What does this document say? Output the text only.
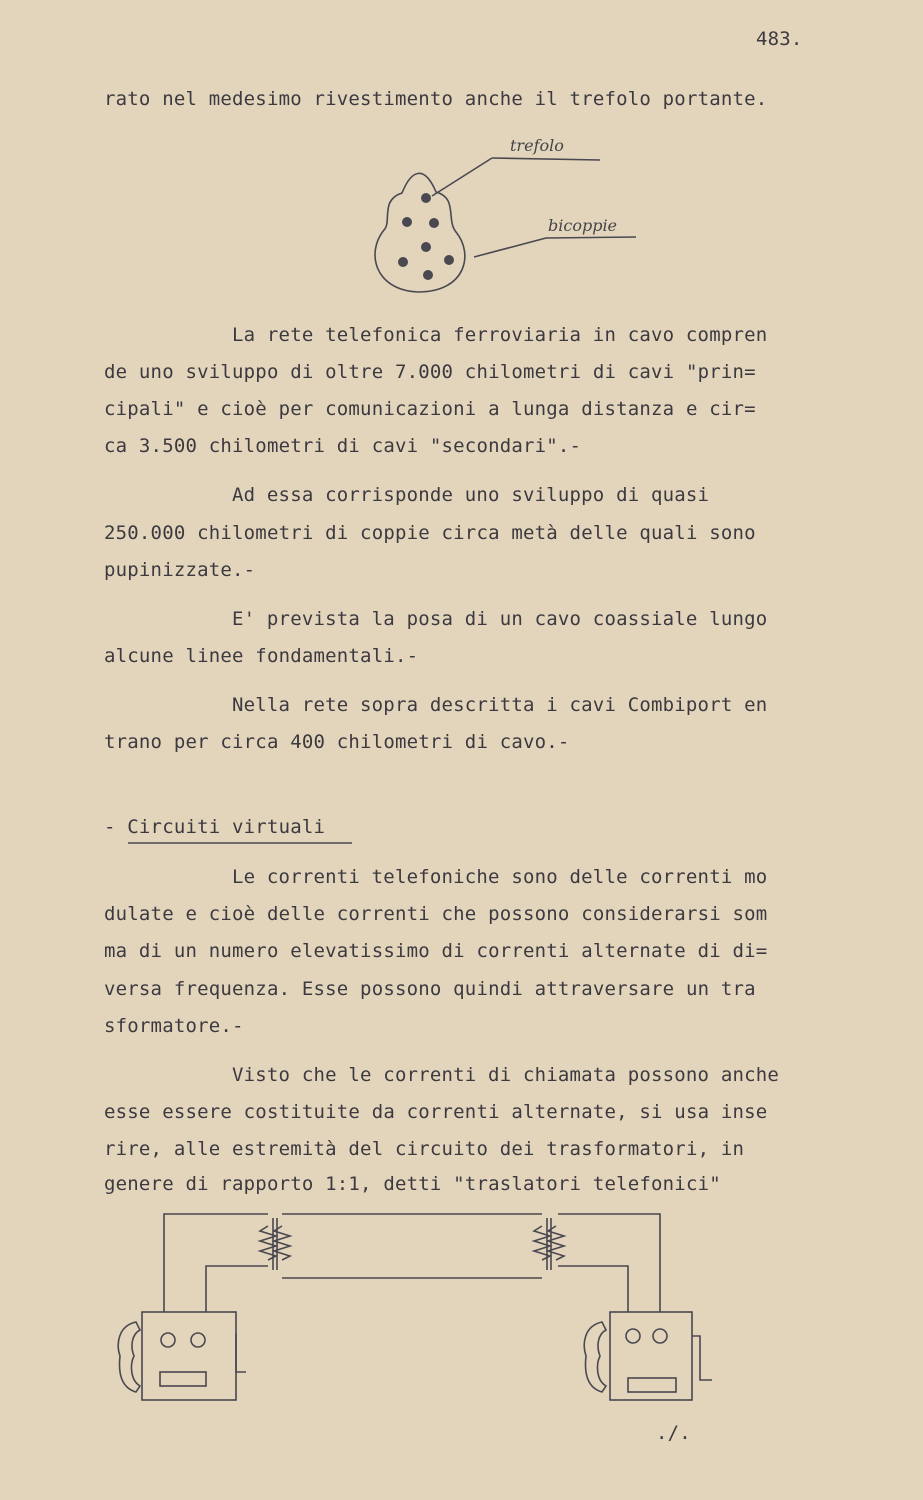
483.
rato nel medesimo rivestimento anche il trefolo portante.
trefolo
bicoppie
La rete telefonica ferroviaria in cavo compren
de uno sviluppo di oltre 7.000 chilometri di cavi "prin=
cipali" e cioè per comunicazioni a lunga distanza e cir=
ca 3.500 chilometri di cavi "secondari".-
Ad essa corrisponde uno sviluppo di quasi
250.000 chilometri di coppie circa metà delle quali sono
pupinizzate.-
E' prevista la posa di un cavo coassiale lungo
alcune linee fondamentali.-
Nella rete sopra descritta i cavi Combiport en
trano per circa 400 chilometri di cavo.-
- Circuiti virtuali
Le correnti telefoniche sono delle correnti mo
dulate e cioè delle correnti che possono considerarsi som
ma di un numero elevatissimo di correnti alternate di di=
versa frequenza. Esse possono quindi attraversare un tra
sformatore.-
Visto che le correnti di chiamata possono anche
esse essere costituite da correnti alternate, si usa inse
rire, alle estremità del circuito dei trasformatori, in
genere di rapporto 1:1, detti "traslatori telefonici"
./.
